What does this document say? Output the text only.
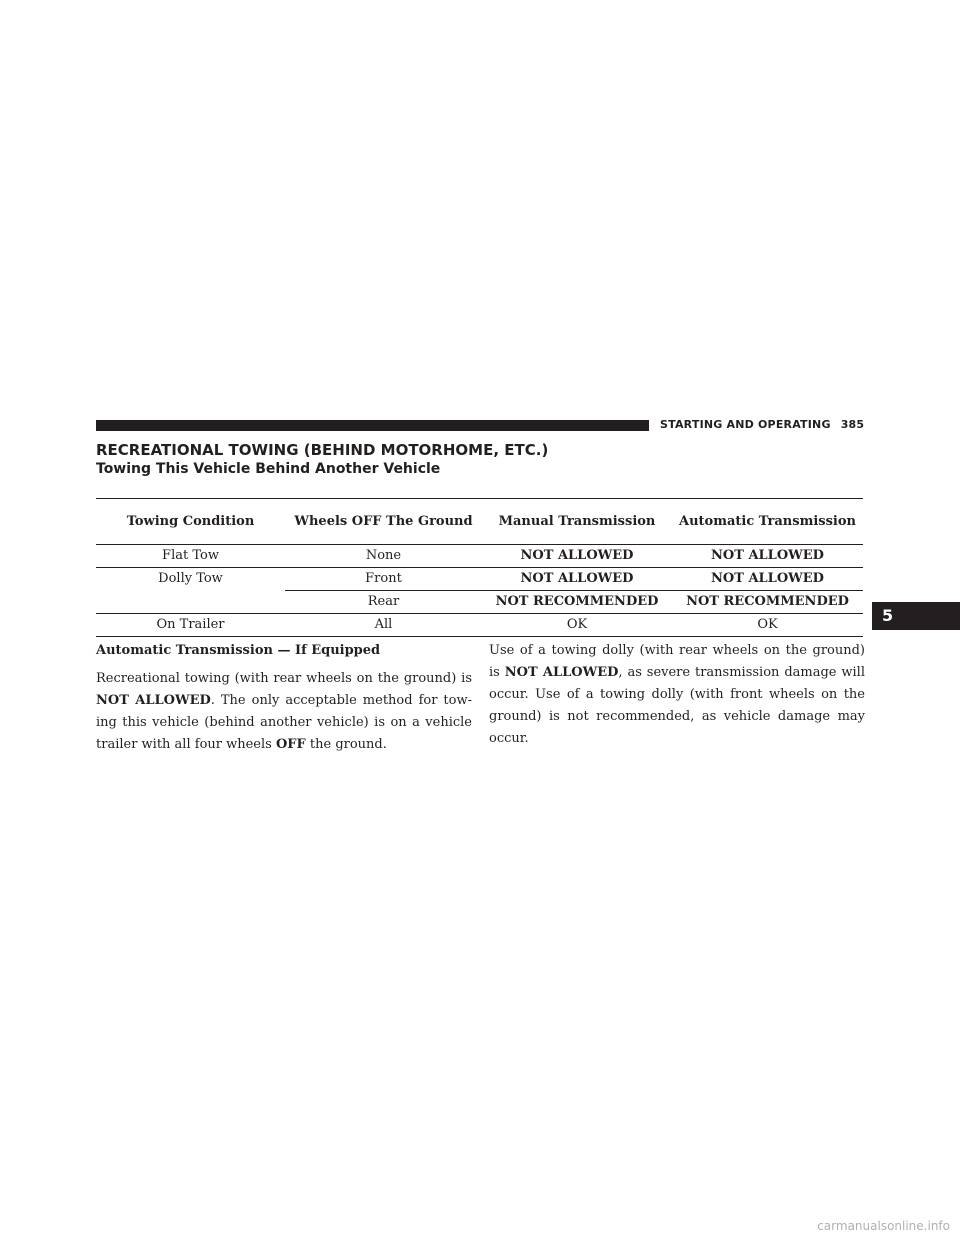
STARTING AND OPERATING 385
RECREATIONAL TOWING (BEHIND MOTORHOME, ETC.)
Towing This Vehicle Behind Another Vehicle
Towing Condition	Wheels OFF The Ground	Manual Transmission	Automatic Transmission
Flat Tow	None	NOT ALLOWED	NOT ALLOWED
Dolly Tow	Front	NOT ALLOWED	NOT ALLOWED
	Rear	NOT RECOMMENDED	NOT RECOMMENDED
On Trailer	All	OK	OK

Automatic Transmission — If Equipped

Recreational towing (with rear wheels on the ground) is NOT ALLOWED. The only acceptable method for tow-ing this vehicle (behind another vehicle) is on a vehicle trailer with all four wheels OFF the ground.

Use of a towing dolly (with rear wheels on the ground) is NOT ALLOWED, as severe transmission damage will occur. Use of a towing dolly (with front wheels on the ground) is not recommended, as vehicle damage may occur.

5
carmanualsonline.info
